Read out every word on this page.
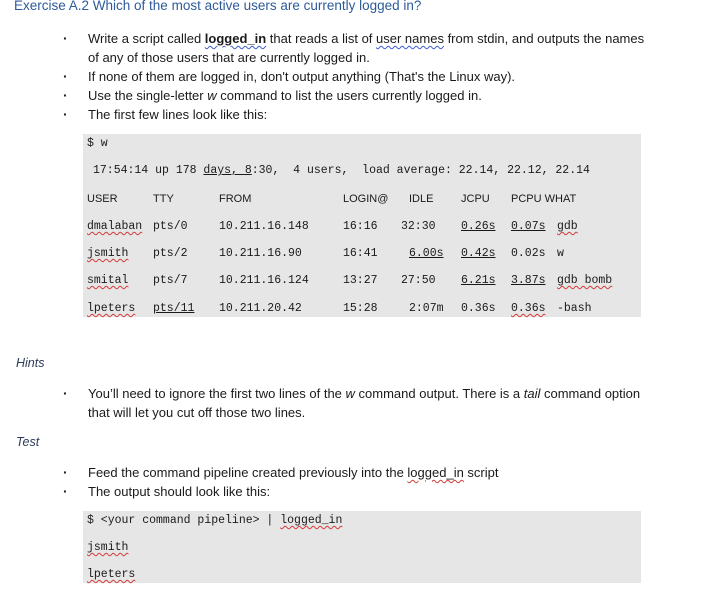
Exercise A.2 Which of the most active users are currently logged in?
· Write a script called logged_in that reads a list of user names from stdin, and outputs the names of any of those users that are currently logged in.
· If none of them are logged in, don't output anything (That's the Linux way).
· Use the single-letter w command to list the users currently logged in.
· The first few lines look like this:
$ w
17:54:14 up 178 days, 8:30,  4 users,  load average: 22.14, 22.12, 22.14
USER	TTY	FROM	LOGIN@ IDLE	JCPU PCPU WHAT
dmalaban pts/0	10.211.16.148	16:16 32:30 0.26s 0.07s gdb
jsmith pts/2	10.211.16.90	16:41	6.00s 0.42s 0.02s w
smital pts/7	10.211.16.124	13:27 27:50 6.21s 3.87s gdb bomb
lpeters pts/11 10.211.20.42	15:28	2:07m 0.36s 0.36s -bash
Hints
· You’ll need to ignore the first two lines of the w command output. There is a tail command option that will let you cut off those two lines.
Test
· Feed the command pipeline created previously into the logged_in script
· The output should look like this:
$ <your command pipeline> | logged_in
jsmith
lpeters
